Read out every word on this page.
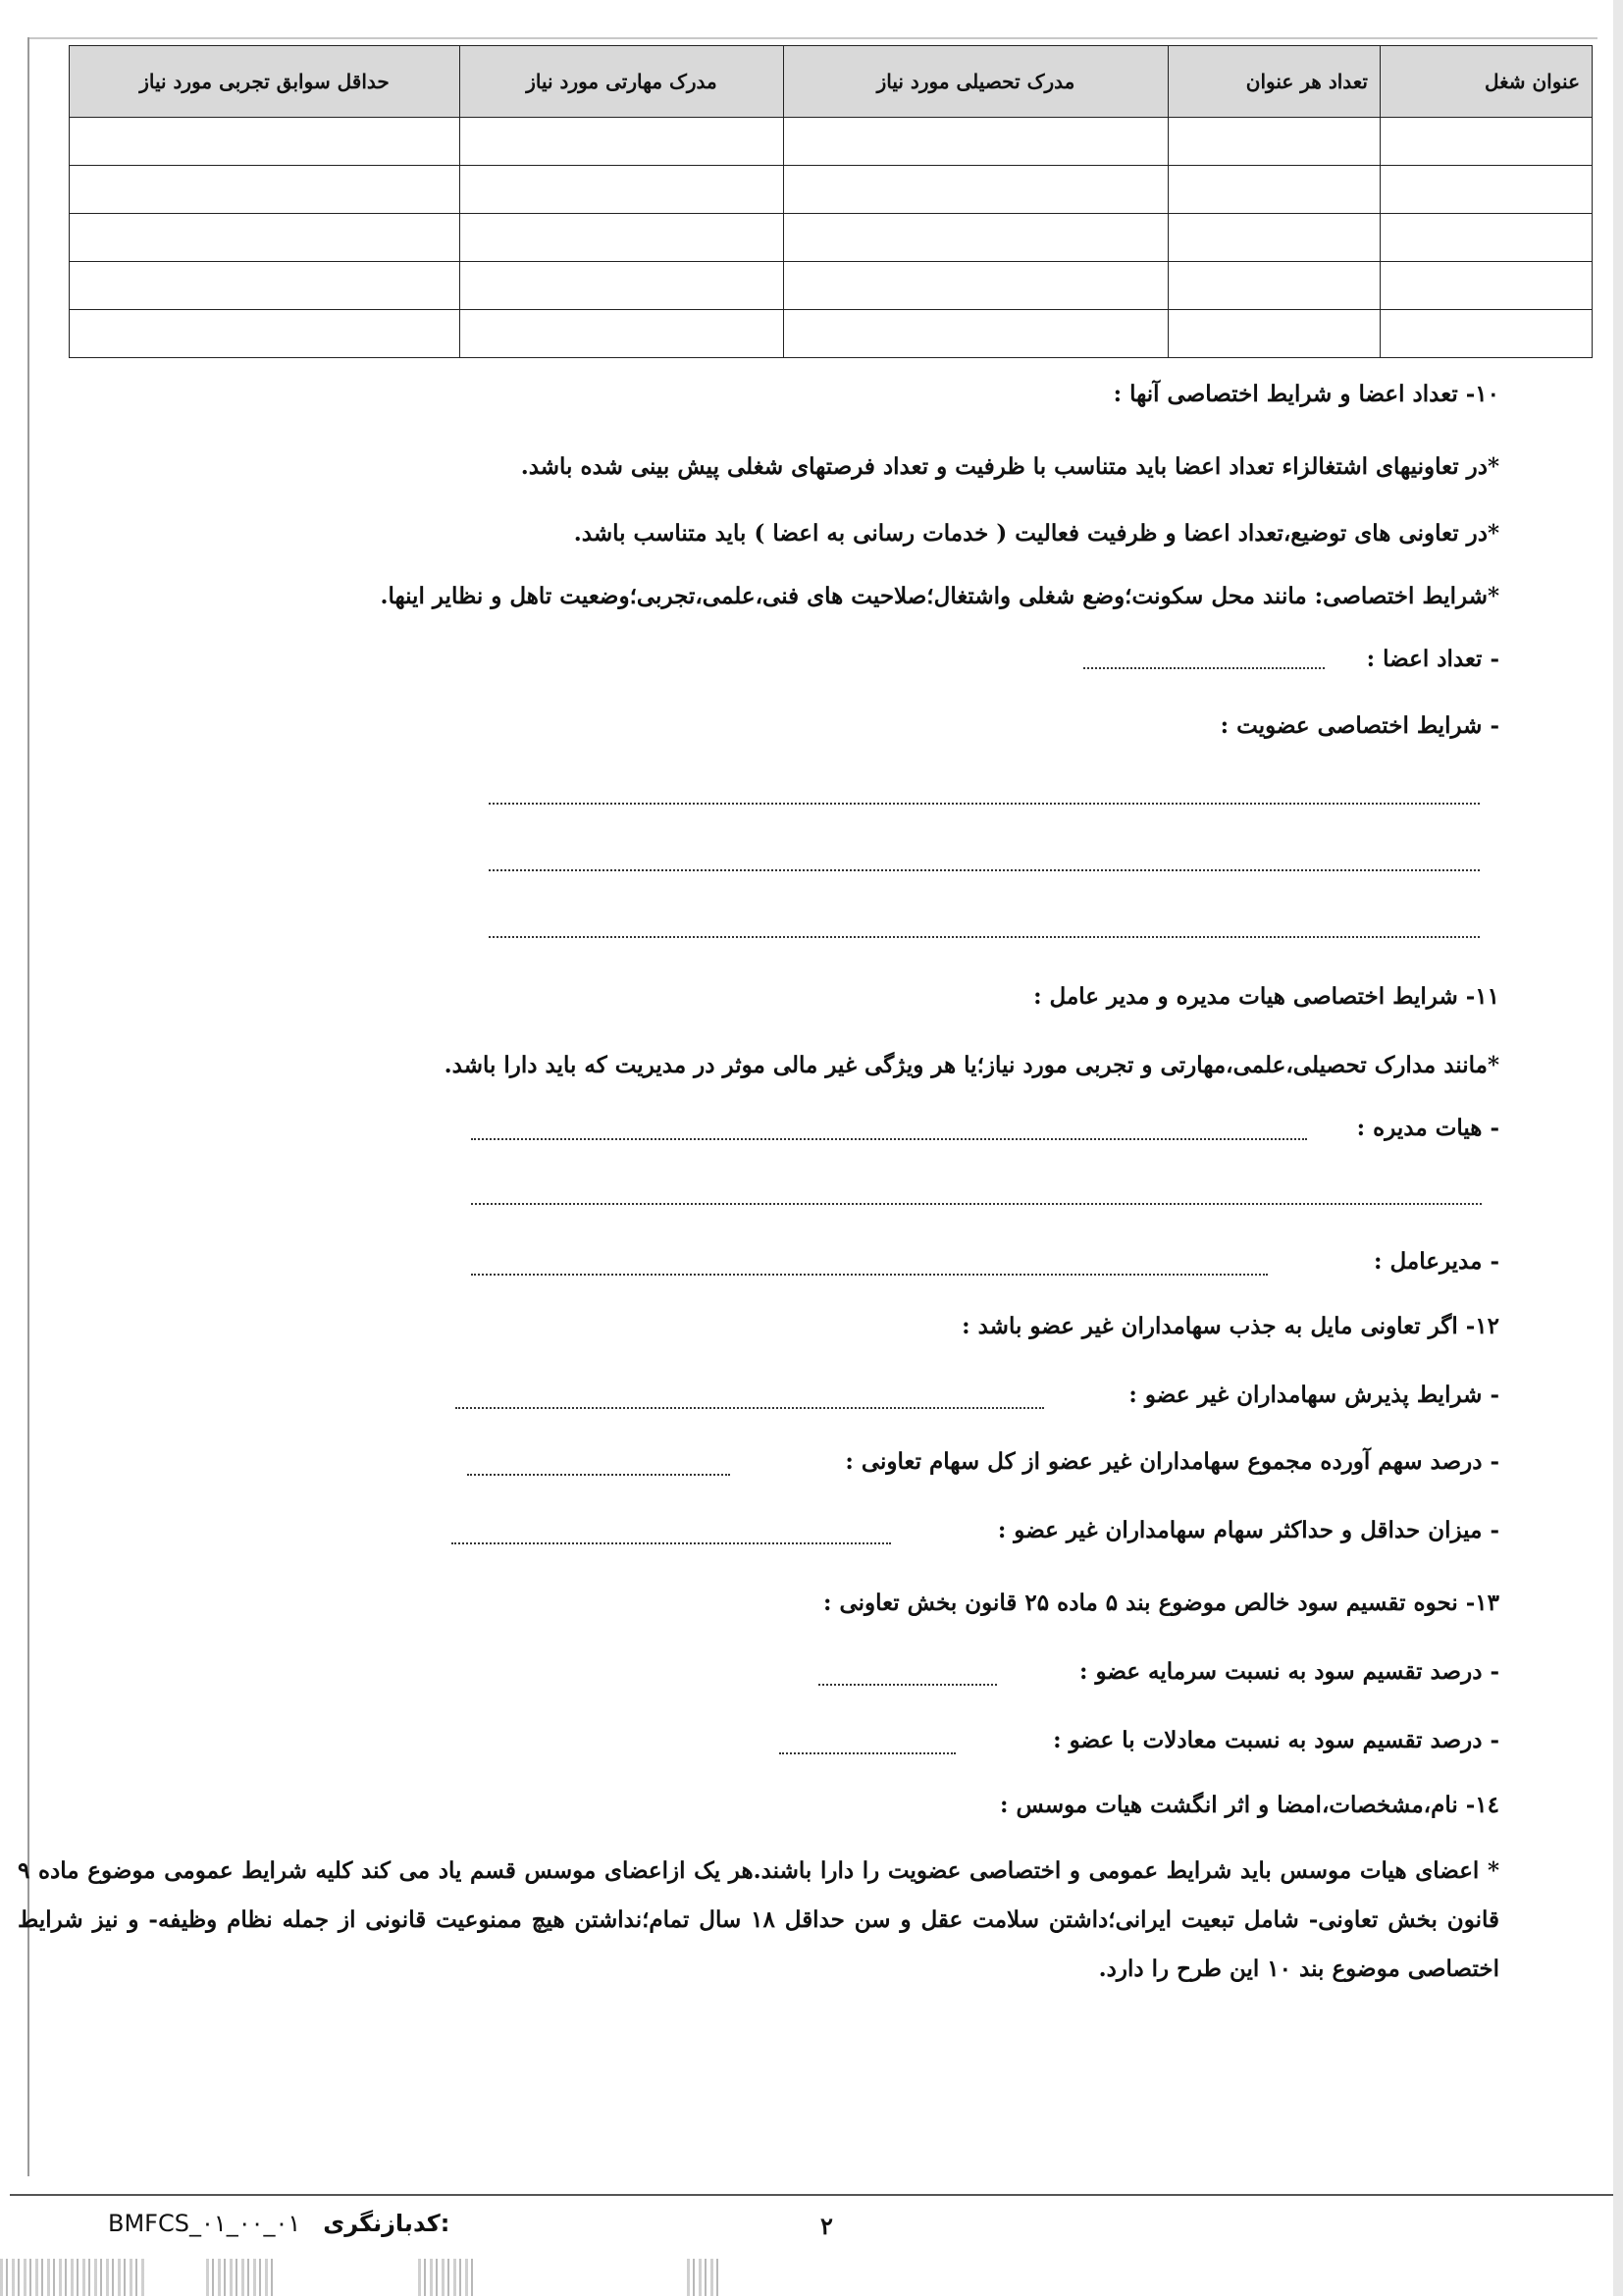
عنوان شغل	تعداد هر عنوان	مدرک تحصیلی مورد نیاز	مدرک مهارتی مورد نیاز	حداقل سوابق تجربی مورد نیاز

۱۰- تعداد اعضا و شرایط اختصاصی آنها :
*در تعاونیهای اشتغالزاء تعداد اعضا باید متناسب با ظرفیت و تعداد فرصتهای شغلی پیش بینی شده باشد.
*در تعاونی های توضیع،تعداد اعضا و ظرفیت فعالیت ( خدمات رسانی به اعضا ) باید متناسب باشد.
*شرایط اختصاصی: مانند محل سکونت؛وضع شغلی واشتغال؛صلاحیت های فنی،علمی،تجربی؛وضعیت تاهل و نظایر اینها.
- تعداد اعضا :
- شرایط اختصاصی عضویت :
۱۱- شرایط اختصاصی هیات مدیره و مدیر عامل :
*مانند مدارک تحصیلی،علمی،مهارتی و تجربی مورد نیاز؛یا هر ویژگی غیر مالی موثر در مدیریت که باید دارا باشد.
- هیات مدیره :
- مدیرعامل :
۱۲- اگر تعاونی مایل به جذب سهامداران غیر عضو باشد :
- شرایط پذیرش سهامداران غیر عضو :
- درصد سهم آورده مجموع سهامداران غیر عضو از کل سهام تعاونی :
- میزان حداقل و حداکثر سهام سهامداران غیر عضو :
۱۳- نحوه تقسیم سود خالص موضوع بند ۵ ماده ۲۵ قانون بخش تعاونی :
- درصد تقسیم سود به نسبت سرمایه عضو :
- درصد تقسیم سود به نسبت معادلات با عضو :
۱٤- نام،مشخصات،امضا و اثر انگشت هیات موسس :
* اعضای هیات موسس باید شرایط عمومی و اختصاصی عضویت را دارا باشند.هر یک ازاعضای موسس قسم یاد می کند کلیه شرایط عمومی موضوع ماده ۹ قانون بخش تعاونی- شامل تبعیت ایرانی؛داشتن سلامت عقل و سن حداقل ۱۸ سال تمام؛نداشتن هیچ ممنوعیت قانونی از جمله نظام وظیفه- و نیز شرایط اختصاصی موضوع بند ۱۰ این طرح را دارد.
BMFCS_۰۱_۰۰_۰۱ کدبازنگری:	۲
